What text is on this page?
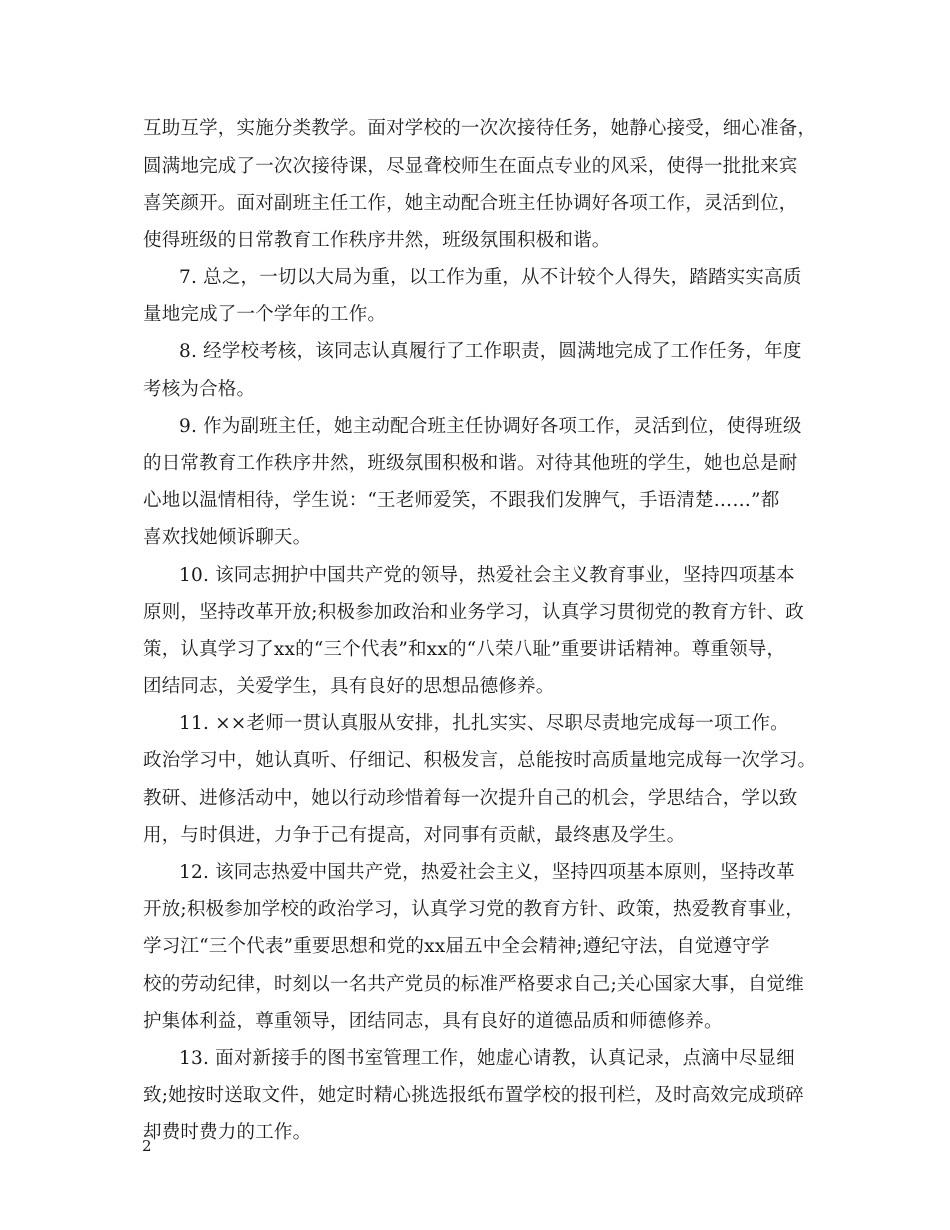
互助互学，实施分类教学。面对学校的一次次接待任务，她静心接受，细心准备，
圆满地完成了一次次接待课，尽显聋校师生在面点专业的风采，使得一批批来宾
喜笑颜开。面对副班主任工作，她主动配合班主任协调好各项工作，灵活到位，
使得班级的日常教育工作秩序井然，班级氛围积极和谐。
7. 总之，一切以大局为重，以工作为重，从不计较个人得失，踏踏实实高质
量地完成了一个学年的工作。
8. 经学校考核，该同志认真履行了工作职责，圆满地完成了工作任务，年度
考核为合格。
9. 作为副班主任，她主动配合班主任协调好各项工作，灵活到位，使得班级
的日常教育工作秩序井然，班级氛围积极和谐。对待其他班的学生，她也总是耐
心地以温情相待，学生说：“王老师爱笑，不跟我们发脾气，手语清楚……”都
喜欢找她倾诉聊天。
10. 该同志拥护中国共产党的领导，热爱社会主义教育事业，坚持四项基本
原则，坚持改革开放;积极参加政治和业务学习，认真学习贯彻党的教育方针、政
策，认真学习了xx的“三个代表”和xx的“八荣八耻”重要讲话精神。尊重领导，
团结同志，关爱学生，具有良好的思想品德修养。
11. ××老师一贯认真服从安排，扎扎实实、尽职尽责地完成每一项工作。
政治学习中，她认真听、仔细记、积极发言，总能按时高质量地完成每一次学习。
教研、进修活动中，她以行动珍惜着每一次提升自己的机会，学思结合，学以致
用，与时俱进，力争于己有提高，对同事有贡献，最终惠及学生。
12. 该同志热爱中国共产党，热爱社会主义，坚持四项基本原则，坚持改革
开放;积极参加学校的政治学习，认真学习党的教育方针、政策，热爱教育事业，
学习江“三个代表”重要思想和党的xx届五中全会精神;遵纪守法，自觉遵守学
校的劳动纪律，时刻以一名共产党员的标准严格要求自己;关心国家大事，自觉维
护集体利益，尊重领导，团结同志，具有良好的道德品质和师德修养。
13. 面对新接手的图书室管理工作，她虚心请教，认真记录，点滴中尽显细
致;她按时送取文件，她定时精心挑选报纸布置学校的报刊栏，及时高效完成琐碎
却费时费力的工作。
2
